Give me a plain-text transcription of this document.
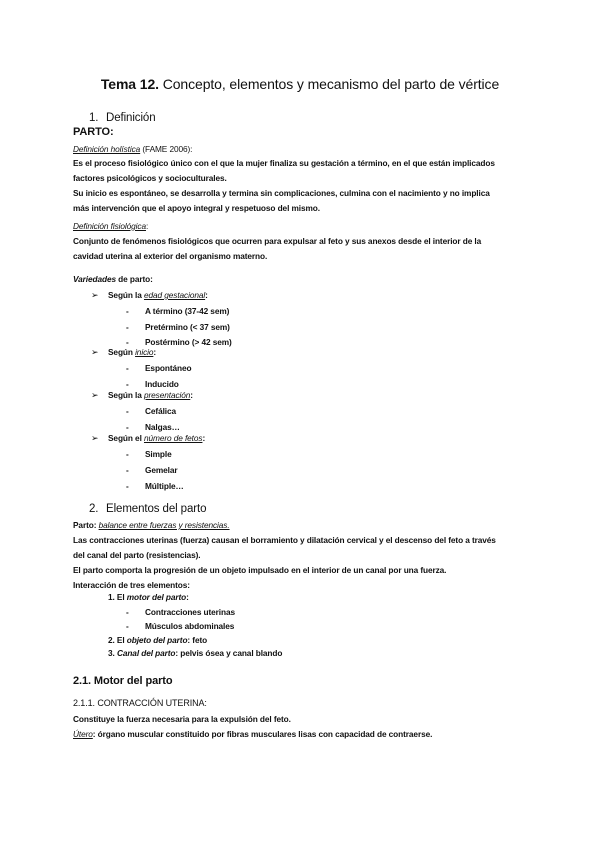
Tema 12. Concepto, elementos y mecanismo del parto de vértice
1. Definición
PARTO:
Definición holística (FAME 2006):
Es el proceso fisiológico único con el que la mujer finaliza su gestación a término, en el que están implicados
factores psicológicos y socioculturales.
Su inicio es espontáneo, se desarrolla y termina sin complicaciones, culmina con el nacimiento y no implica
más intervención que el apoyo integral y respetuoso del mismo.
Definición fisiológica:
Conjunto de fenómenos fisiológicos que ocurren para expulsar al feto y sus anexos desde el interior de la
cavidad uterina al exterior del organismo materno.
Variedades de parto:
➢ Según la edad gestacional:
- A término (37-42 sem)
- Pretérmino (< 37 sem)
- Postérmino (> 42 sem)
➢ Según inicio:
- Espontáneo
- Inducido
➢ Según la presentación:
- Cefálica
- Nalgas…
➢ Según el número de fetos:
- Simple
- Gemelar
- Múltiple…
2. Elementos del parto
Parto: balance entre fuerzas y resistencias.
Las contracciones uterinas (fuerza) causan el borramiento y dilatación cervical y el descenso del feto a través
del canal del parto (resistencias).
El parto comporta la progresión de un objeto impulsado en el interior de un canal por una fuerza.
Interacción de tres elementos:
1. El motor del parto:
- Contracciones uterinas
- Músculos abdominales
2. El objeto del parto: feto
3. Canal del parto: pelvis ósea y canal blando
2.1. Motor del parto
2.1.1. CONTRACCIÓN UTERINA:
Constituye la fuerza necesaria para la expulsión del feto.
Útero: órgano muscular constituido por fibras musculares lisas con capacidad de contraerse.
